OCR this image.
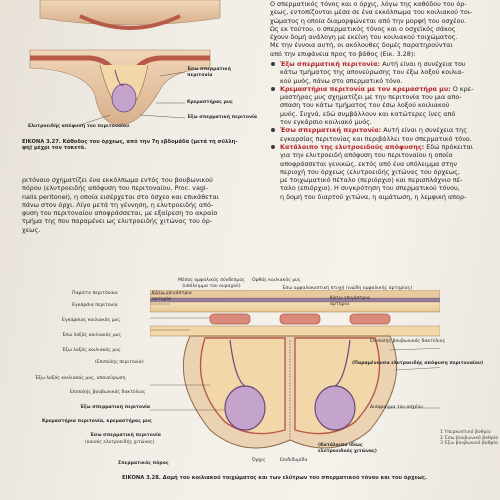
Έσω σπερματική
περιτονία
Κρεμαστήρας μυς
Έξω σπερματική περιτονία
Ελυτροειδής απόφυση του περιτοναίου
ΕΙΚΟΝΑ 3.27. Κάθοδος του όρχεως, από την 7η εβδομάδα (μετά τη σύλλη-
ψη) μέχρι τον τοκετό.
ριτόναιο σχηματίζει ένα εκκόλπωμα εντός του βουβωνικού
πόρου (ελυτροειδής απόφυση του περιτοναίου, Proc. vagi-
nalis peritonei), η οποία εισέρχεται στο όσχεο και επικάθεται
πάνω στον όρχι. Λίγο μετά τη γέννηση, η ελυτροειδής από-
φυση του περιτοναίου αποφράσσεται, με εξαίρεση το ακραίο
τμήμα της που παραμένει ως ελυτροειδής χιτώνας του όρ-
χεως.
Ο σπερματικός τόνος και ο όρχις, λόγω της καθόδου του όρ-
χεως, εντοπίζονται μέσα σε ένα εκκόλπωμα του κοιλιακού τοι-
χώματος η οποία διαμορφώνεται από την μορφή του οσχέου.
Ως εκ τούτου, ο σπερματικός τόνος και ο οσχεϊκός σάκος
έχουν δομή ανάλογη με εκείνη του κοιλιακού τοιχώματος.
Με την έννοια αυτή, οι ακόλουθες δομές παρατηρούνται
από την επιφάνεια προς το βάθος (Εικ. 3.28):
Έξω σπερματική περιτονία: Αυτή είναι η συνέχεια του
κάτω τμήματος της απονεύρωσης του έξω λοξού κοιλια-
κού μυός, πάνω στο σπερματικό τόνο.
Κρεμαστήρια περιτονία με τον κρεμαστήρα μυ: Ο κρε-
μαστήρας μυς σχηματίζει με την περιτονία του μια απο-
σπαση του κάτω τμήματος του έσω λοξού κοιλιακού
μυός. Συχνά, εδώ συμβάλλουν και κατώτερες ίνες από
τον εγκάρσιο κοιλιακό μυός.
Έσω σπερματική περιτονία: Αυτή είναι η συνέχεια της
εγκαρσίας περιτονίας και περιβάλλει τον σπερματικό τόνο.
Κατάλοιπο της ελυτροειδούς απόφυσης: Εδώ πρόκειται
για την ελυτροειδή απόφυση του περιτοναίου η οποία
αποφράσσεται γενικώς, εκτός από ένα υπόλειμμα στην
περιοχή του όρχεως (ελυτροειδής χιτώνας του όρχεως,
με τοιχωματικό πέταλο (περιόρχιο) και περισπλάχνιο πέ-
ταλο (επιόρχιο). Η συγκρότηση του σπερματικού τόνου,
η δομή του διαρτού χιτώνα, η αιμάτωση, η λεμφική απορ-
Παρίετο περιτόναιο
Εγκάρσια περιτονία
Εγκάρσιος κοιλιακός μυς
Έσω λοξός κοιλιακός μυς
Έξω λοξός κοιλιακός μυς
(Επιπολής περιτονία)
Έξω λοξός κοιλιακός μυς, απονεύρωση
Επιπολής βουβωνικός δακτύλιος
Έξω σπερματική περιτονία
Κρεμαστήρια περιτονία, κρεμαστήρας μυς
Έσω σπερματική περιτονία
(κοινός ελυτροειδής χιτώνας)
Σπερματικός πόρος
Μέσος ομφαλικός σύνδεσμος
(υπόλειμμα του ουραχού)
Κάτω επιγάστρια
αρτηρία
Ορθός κοιλιακός μυς
Έσω ομφαλοκυστική πτυχή (ινώδη ομφαλικής αρτηρίας)
Κάτω επιγάστρια
αρτηρία
Επιπολής βουβωνικός δακτύλιος
(Παραμένουσα ελυτροειδής απόφυση περιτοναίου)
Διάφραγμα του οσχέου
Όρχις	Επιδιδυμίδα
(Κατάλοιπο ιδίως
ελυτροειδούς χιτώνας)
1 Υπερκυστικό βοθρίο
2 Έσω βουβωνικό βοθρίο
3 Έξω βουβωνικό βοθρίο
ΕΙΚΟΝΑ 3.28. Δομή του κοιλιακού τοιχώματος και των ελύτρων του σπερματικού τόνου και του όρχεως.
